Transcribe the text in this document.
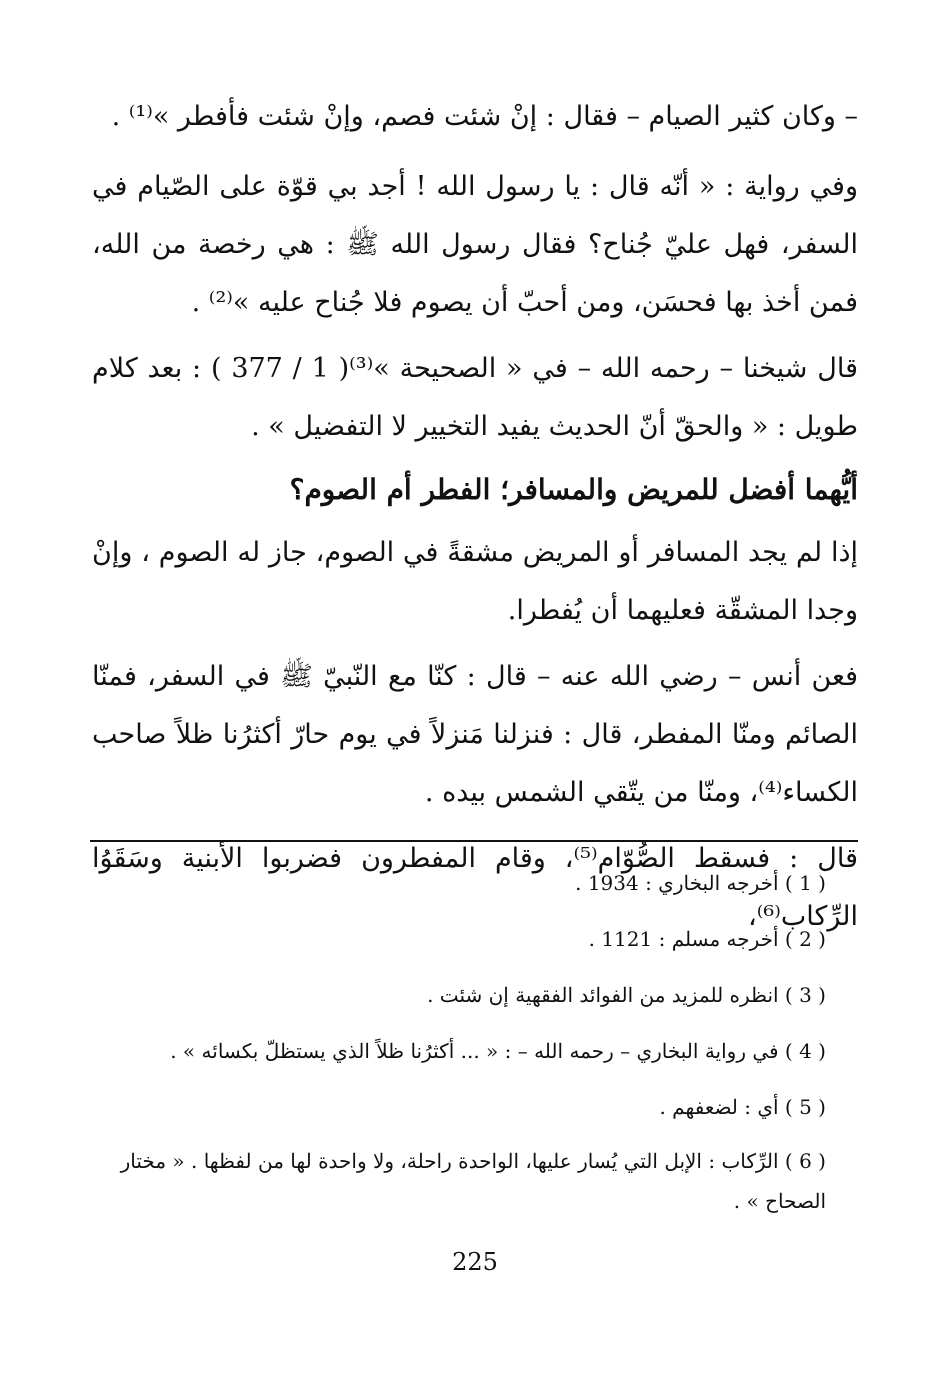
– وكان كثير الصيام – فقال : إنْ شئت فصم، وإنْ شئت فأفطر »⁽¹⁾ .

وفي رواية : « أنّه قال : يا رسول الله ! أجد بي قوّة على الصّيام في السفر، فهل عليّ جُناح؟ فقال رسول الله ﷺ : هي رخصة من الله، فمن أخذ بها فحسَن، ومن أحبّ أن يصوم فلا جُناح عليه »⁽²⁾ .

قال شيخنا – رحمه الله – في « الصحيحة »⁽³⁾( 1 / 377 ) : بعد كلام طويل : « والحقّ أنّ الحديث يفيد التخيير لا التفضيل » .

أيُّهما أفضل للمريض والمسافر؛ الفطر أم الصوم؟

إذا لم يجد المسافر أو المريض مشقةً في الصوم، جاز له الصوم ، وإنْ وجدا المشقّة فعليهما أن يُفطرا.

فعن أنس – رضي الله عنه – قال : كنّا مع النّبيّ ﷺ في السفر، فمنّا الصائم ومنّا المفطر، قال : فنزلنا مَنزلاً في يوم حارّ أكثرُنا ظلاً صاحب الكساء⁽⁴⁾، ومنّا من يتّقي الشمس بيده .

قال : فسقط الصُّوّام⁽⁵⁾، وقام المفطرون فضربوا الأبنية وسَقَوُا الرِّكاب⁽⁶⁾،

( 1 ) أخرجه البخاري : 1934 .

( 2 ) أخرجه مسلم : 1121 .

( 3 ) انظره للمزيد من الفوائد الفقهية إن شئت .

( 4 ) في رواية البخاري – رحمه الله – : « ... أكثرُنا ظلاً الذي يستظلّ بكسائه » .

( 5 ) أي : لضعفهم .

( 6 ) الرِّكاب : الإبل التي يُسار عليها، الواحدة راحلة، ولا واحدة لها من لفظها . « مختار الصحاح » .

225
